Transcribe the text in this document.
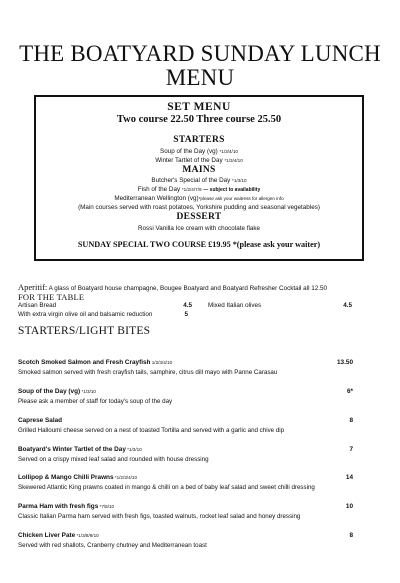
THE BOATYARD SUNDAY LUNCH
MENU
SET MENU
Two course 22.50 Three course 25.50
STARTERS
Soup of the Day (vg) *1/3/4/10
Winter Tartlet of the Day *1/3/4/10
MAINS
Butcher's Special of the Day *1/3/10
Fish of the Day *1/2/4/7/9 — subject to availability
Mediterranean Wellington (vg)*please ask your waitress for allergen info
(Main courses served with roast potatoes, Yorkshire pudding and seasonal vegetables)
DESSERT
Rossi Vanilla Ice cream with chocolate flake
SUNDAY SPECIAL TWO COURSE £19.95 *(please ask your waiter)
Aperitif: A glass of Boatyard house champagne, Bougee Boatyard and Boatyard Refresher Cocktail all 12.50
FOR THE TABLE
Artisan Bread	4.5	Mixed Italian olives	4.5
With extra virgin olive oil and balsamic reduction	5
STARTERS/LIGHT BITES
Scotch Smoked Salmon and Fresh Crayfish 1/2/3/4/10
Smoked salmon served with fresh crayfish tails, samphire, citrus dill mayo with Panne Carasau
13.50
Soup of the Day (vg) *1/3/10
Please ask a member of staff for today's soup of the day
6*
Caprese Salad
Grilled Halloumi cheese served on a nest of toasted Tortilla and served with a garlic and chive dip
8
Boatyard's Winter Tartlet of the Day *1/3/10
Served on a crispy mixed leaf salad and rounded with house dressing
7
Lollipop & Mango Chilli Prawns *1/2/3/4/10
Skewered Atlantic King prawns coated in mango & chilli on a bed of baby leaf salad and sweet chilli dressing
14
Parma Ham with fresh figs *7/8/10
Classic Italian Parma ham served with fresh figs, toasted walnuts, rocket leaf salad and honey dressing
10
Chicken Liver Pate *1/3/8/9/10
Served with red shallots, Cranberry chutney and Mediterranean toast
8
